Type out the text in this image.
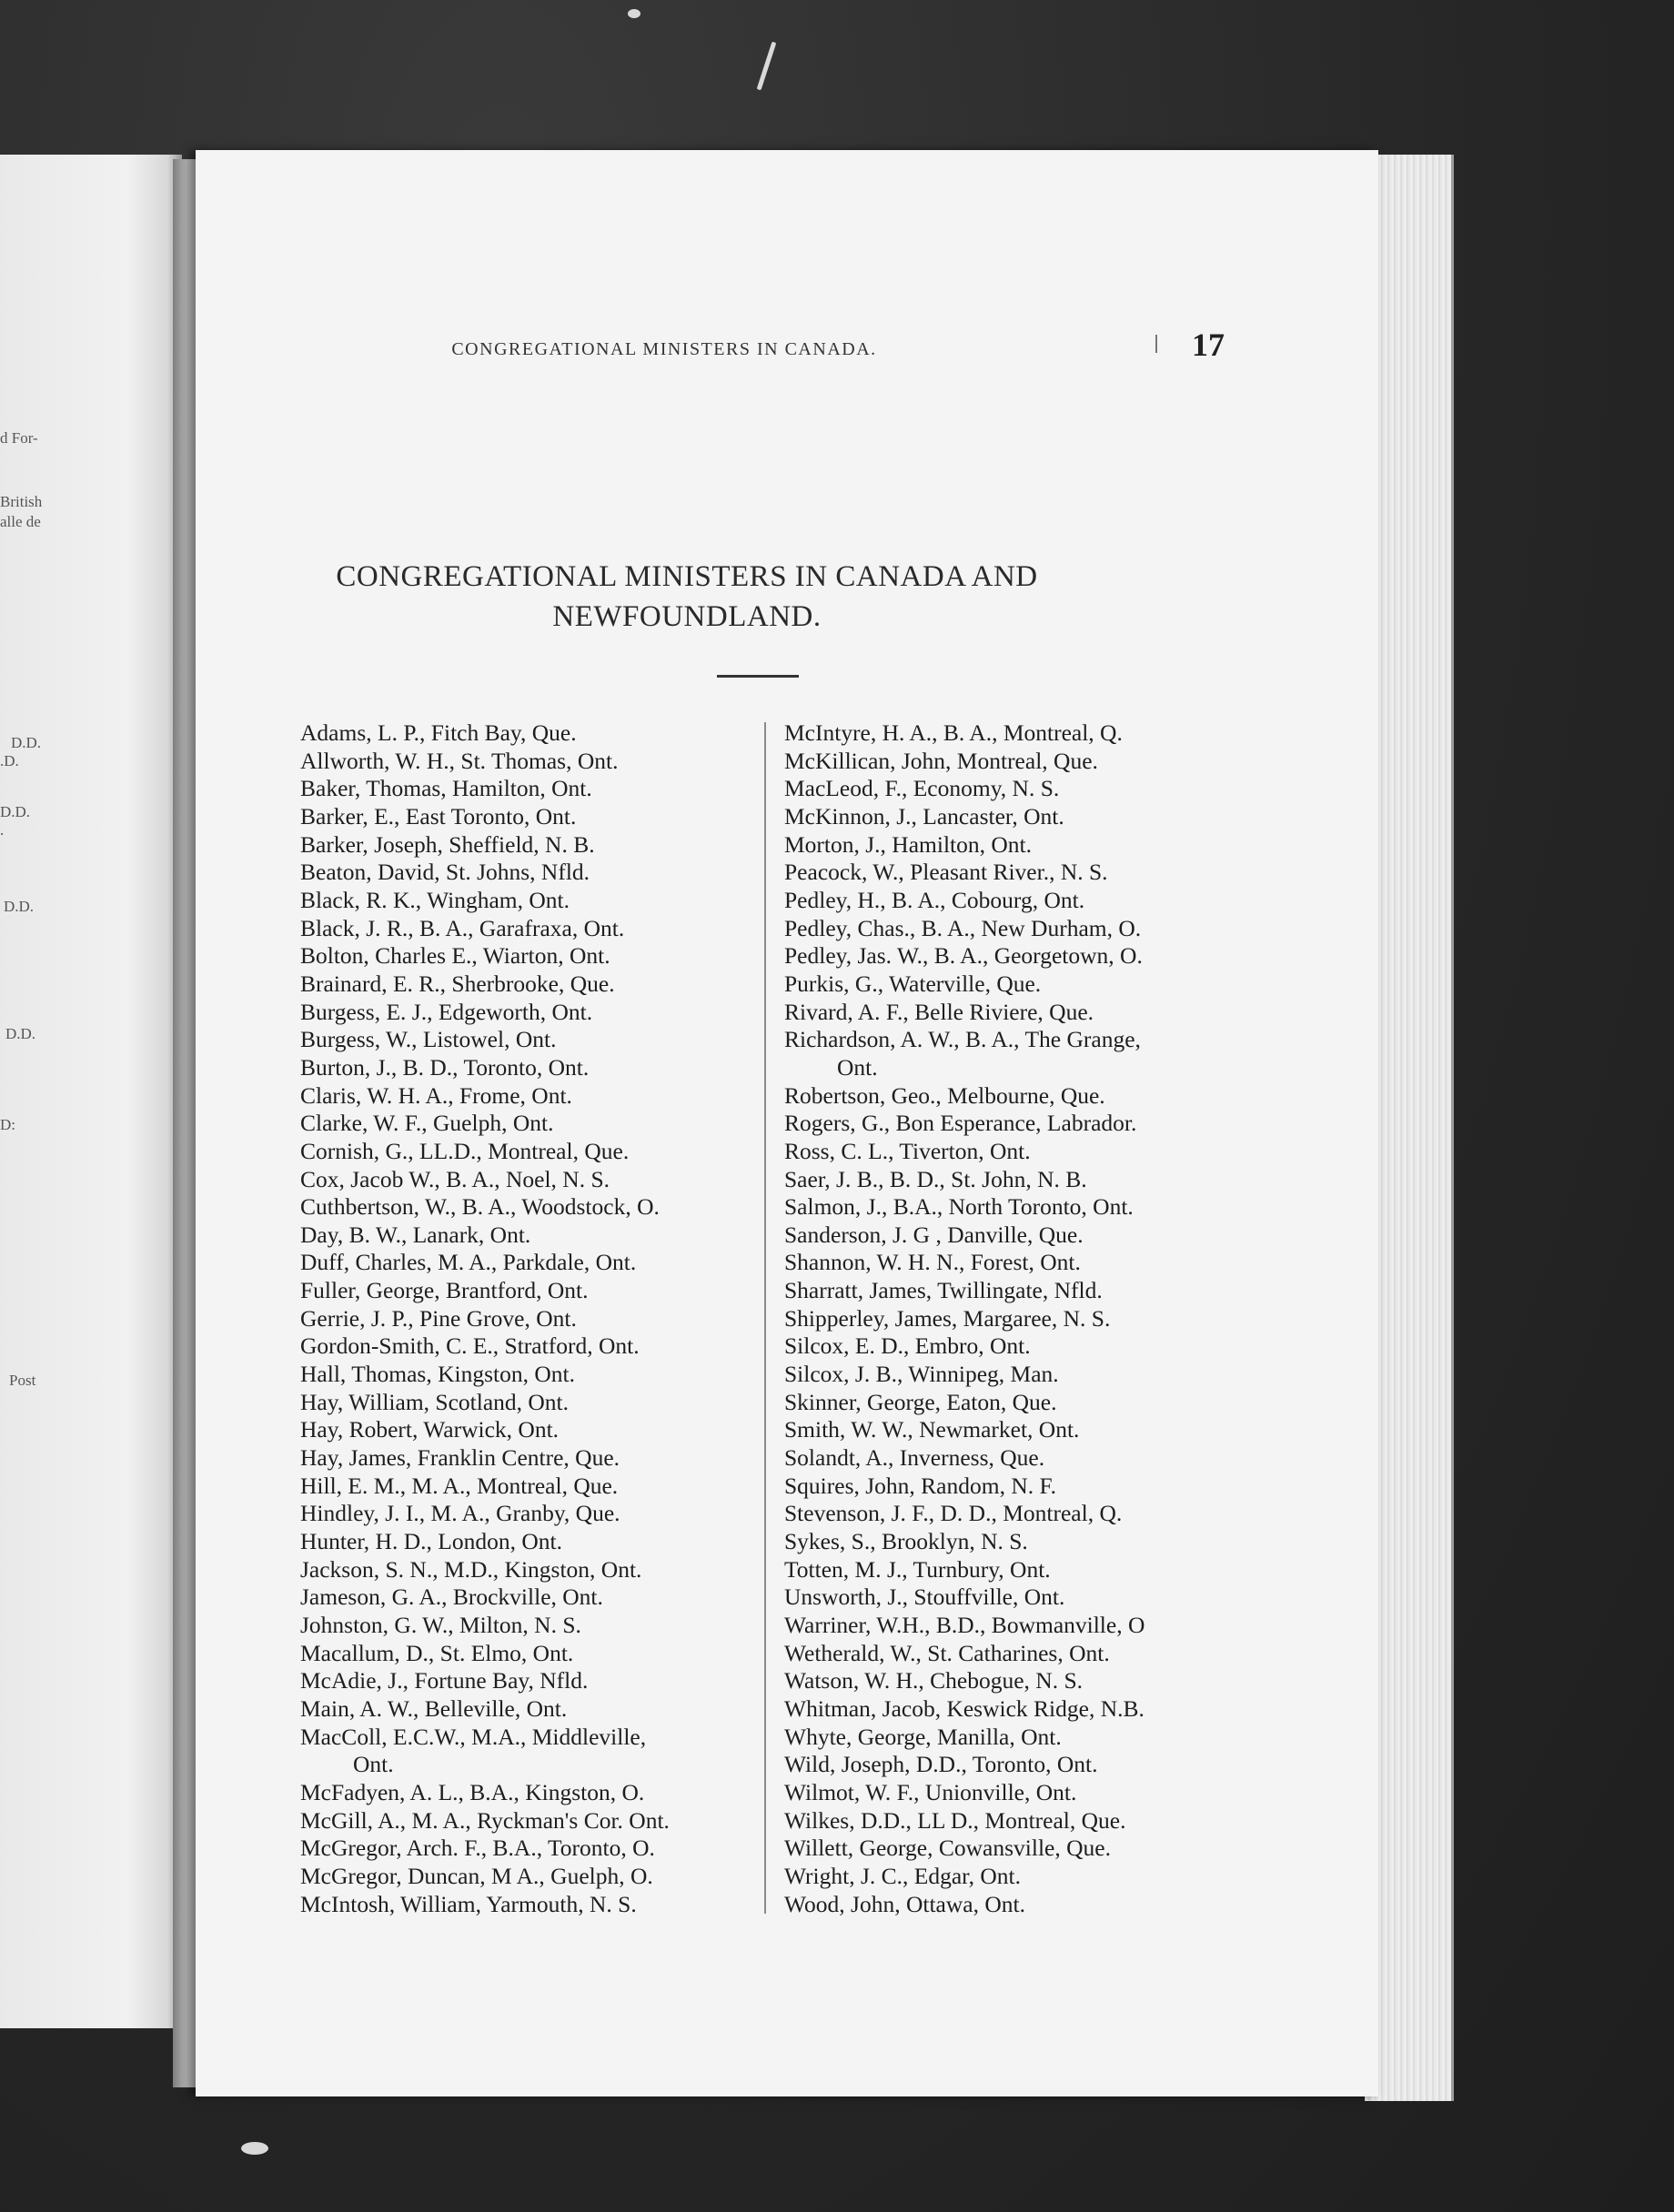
d For-
British
alle de
D.D.
.D.
D.D.
.
D.D.
D.D.
D:
Post
CONGREGATIONAL MINISTERS IN CANADA.	17
CONGREGATIONAL MINISTERS IN CANADA AND
NEWFOUNDLAND.
Adams, L. P., Fitch Bay, Que.
Allworth, W. H., St. Thomas, Ont.
Baker, Thomas, Hamilton, Ont.
Barker, E., East Toronto, Ont.
Barker, Joseph, Sheffield, N. B.
Beaton, David, St. Johns, Nfld.
Black, R. K., Wingham, Ont.
Black, J. R., B. A., Garafraxa, Ont.
Bolton, Charles E., Wiarton, Ont.
Brainard, E. R., Sherbrooke, Que.
Burgess, E. J., Edgeworth, Ont.
Burgess, W., Listowel, Ont.
Burton, J., B. D., Toronto, Ont.
Claris, W. H. A., Frome, Ont.
Clarke, W. F., Guelph, Ont.
Cornish, G., LL.D., Montreal, Que.
Cox, Jacob W., B. A., Noel, N. S.
Cuthbertson, W., B. A., Woodstock, O.
Day, B. W., Lanark, Ont.
Duff, Charles, M. A., Parkdale, Ont.
Fuller, George, Brantford, Ont.
Gerrie, J. P., Pine Grove, Ont.
Gordon-Smith, C. E., Stratford, Ont.
Hall, Thomas, Kingston, Ont.
Hay, William, Scotland, Ont.
Hay, Robert, Warwick, Ont.
Hay, James, Franklin Centre, Que.
Hill, E. M., M. A., Montreal, Que.
Hindley, J. I., M. A., Granby, Que.
Hunter, H. D., London, Ont.
Jackson, S. N., M.D., Kingston, Ont.
Jameson, G. A., Brockville, Ont.
Johnston, G. W., Milton, N. S.
Macallum, D., St. Elmo, Ont.
McAdie, J., Fortune Bay, Nfld.
Main, A. W., Belleville, Ont.
MacColl, E.C.W., M.A., Middleville,
Ont.
McFadyen, A. L., B.A., Kingston, O.
McGill, A., M. A., Ryckman's Cor. Ont.
McGregor, Arch. F., B.A., Toronto, O.
McGregor, Duncan, M A., Guelph, O.
McIntosh, William, Yarmouth, N. S.
McIntyre, H. A., B. A., Montreal, Q.
McKillican, John, Montreal, Que.
MacLeod, F., Economy, N. S.
McKinnon, J., Lancaster, Ont.
Morton, J., Hamilton, Ont.
Peacock, W., Pleasant River., N. S.
Pedley, H., B. A., Cobourg, Ont.
Pedley, Chas., B. A., New Durham, O.
Pedley, Jas. W., B. A., Georgetown, O.
Purkis, G., Waterville, Que.
Rivard, A. F., Belle Riviere, Que.
Richardson, A. W., B. A., The Grange,
Ont.
Robertson, Geo., Melbourne, Que.
Rogers, G., Bon Esperance, Labrador.
Ross, C. L., Tiverton, Ont.
Saer, J. B., B. D., St. John, N. B.
Salmon, J., B.A., North Toronto, Ont.
Sanderson, J. G , Danville, Que.
Shannon, W. H. N., Forest, Ont.
Sharratt, James, Twillingate, Nfld.
Shipperley, James, Margaree, N. S.
Silcox, E. D., Embro, Ont.
Silcox, J. B., Winnipeg, Man.
Skinner, George, Eaton, Que.
Smith, W. W., Newmarket, Ont.
Solandt, A., Inverness, Que.
Squires, John, Random, N. F.
Stevenson, J. F., D. D., Montreal, Q.
Sykes, S., Brooklyn, N. S.
Totten, M. J., Turnbury, Ont.
Unsworth, J., Stouffville, Ont.
Warriner, W.H., B.D., Bowmanville, O
Wetherald, W., St. Catharines, Ont.
Watson, W. H., Chebogue, N. S.
Whitman, Jacob, Keswick Ridge, N.B.
Whyte, George, Manilla, Ont.
Wild, Joseph, D.D., Toronto, Ont.
Wilmot, W. F., Unionville, Ont.
Wilkes, D.D., LL D., Montreal, Que.
Willett, George, Cowansville, Que.
Wright, J. C., Edgar, Ont.
Wood, John, Ottawa, Ont.
